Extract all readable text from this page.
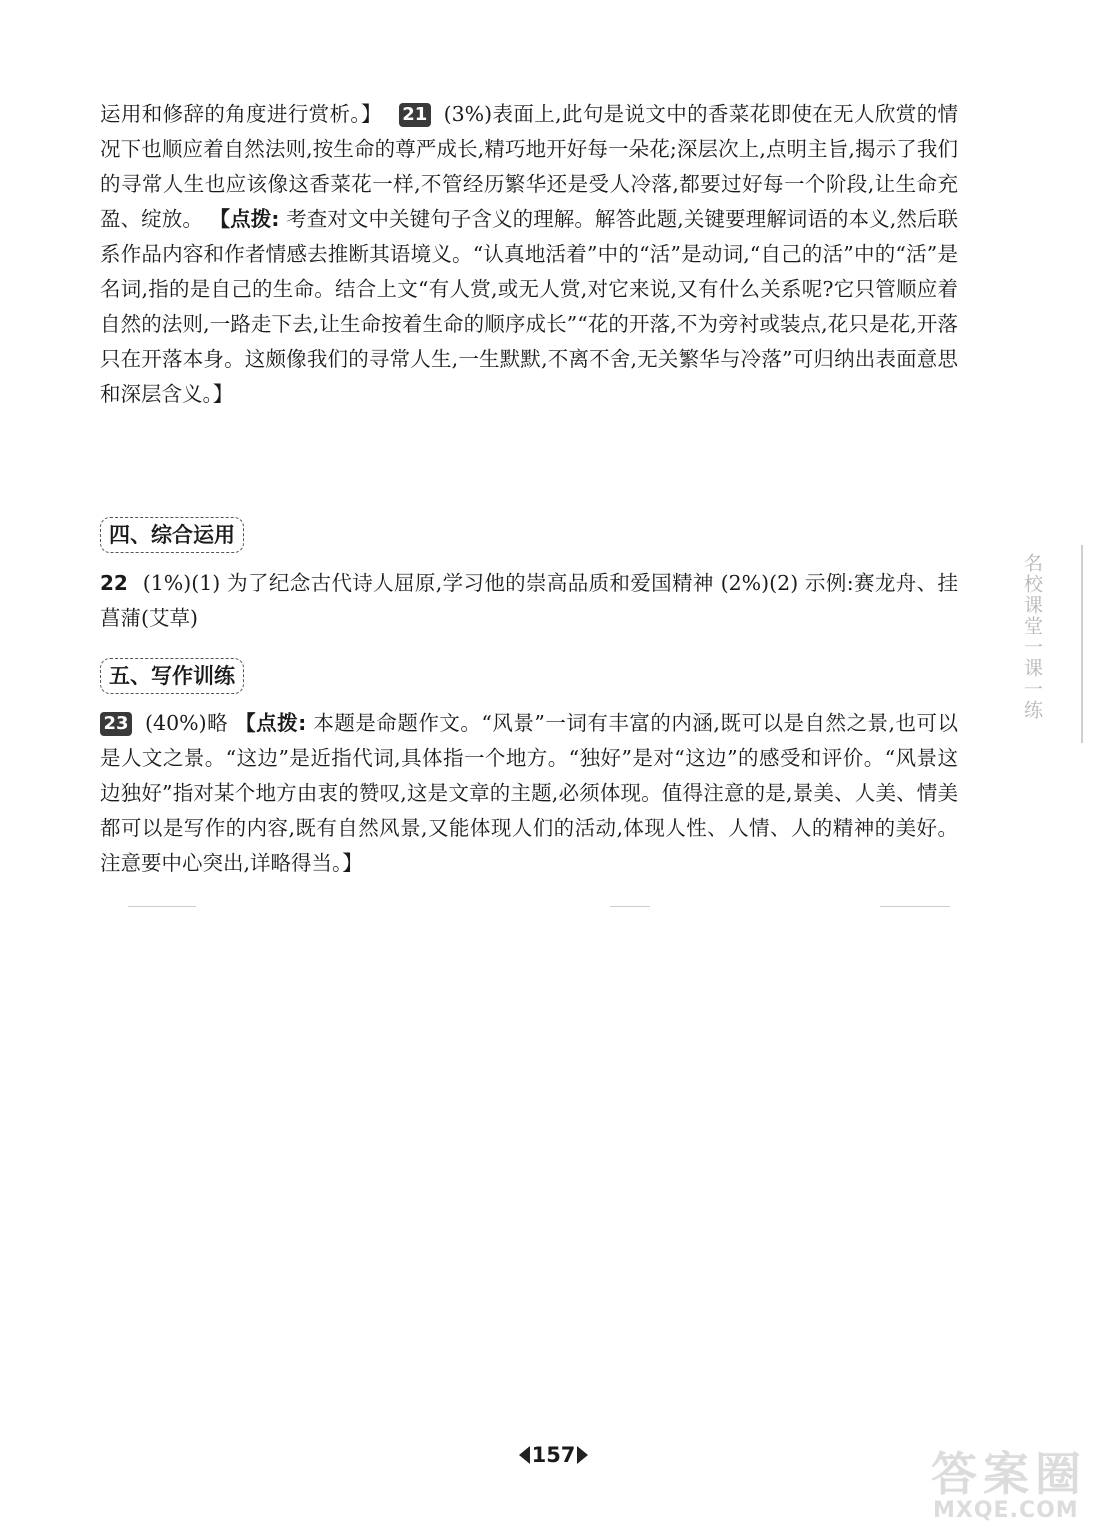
运用和修辞的角度进行赏析。】 21 (3%)表面上,此句是说文中的香菜花即使在无人欣赏的情况下也顺应着自然法则,按生命的尊严成长,精巧地开好每一朵花;深层次上,点明主旨,揭示了我们的寻常人生也应该像这香菜花一样,不管经历繁华还是受人冷落,都要过好每一个阶段,让生命充盈、绽放。 【点拨: 考查对文中关键句子含义的理解。解答此题,关键要理解词语的本义,然后联系作品内容和作者情感去推断其语境义。“认真地活着”中的“活”是动词,“自己的活”中的“活”是名词,指的是自己的生命。结合上文“有人赏,或无人赏,对它来说,又有什么关系呢?它只管顺应着自然的法则,一路走下去,让生命按着生命的顺序成长”“花的开落,不为旁衬或装点,花只是花,开落只在开落本身。这颇像我们的寻常人生,一生默默,不离不舍,无关繁华与冷落”可归纳出表面意思和深层含义。】
四、综合运用
22 (1%)(1) 为了纪念古代诗人屈原,学习他的崇高品质和爱国精神 (2%)(2) 示例:赛龙舟、挂菖蒲(艾草)
五、写作训练
23 (40%)略 【点拨: 本题是命题作文。“风景”一词有丰富的内涵,既可以是自然之景,也可以是人文之景。“这边”是近指代词,具体指一个地方。“独好”是对“这边”的感受和评价。“风景这边独好”指对某个地方由衷的赞叹,这是文章的主题,必须体现。值得注意的是,景美、人美、情美都可以是写作的内容,既有自然风景,又能体现人们的活动,体现人性、人情、人的精神的美好。注意要中心突出,详略得当。】
名校课堂一课一练
157	答案圈
MXQE.COM
